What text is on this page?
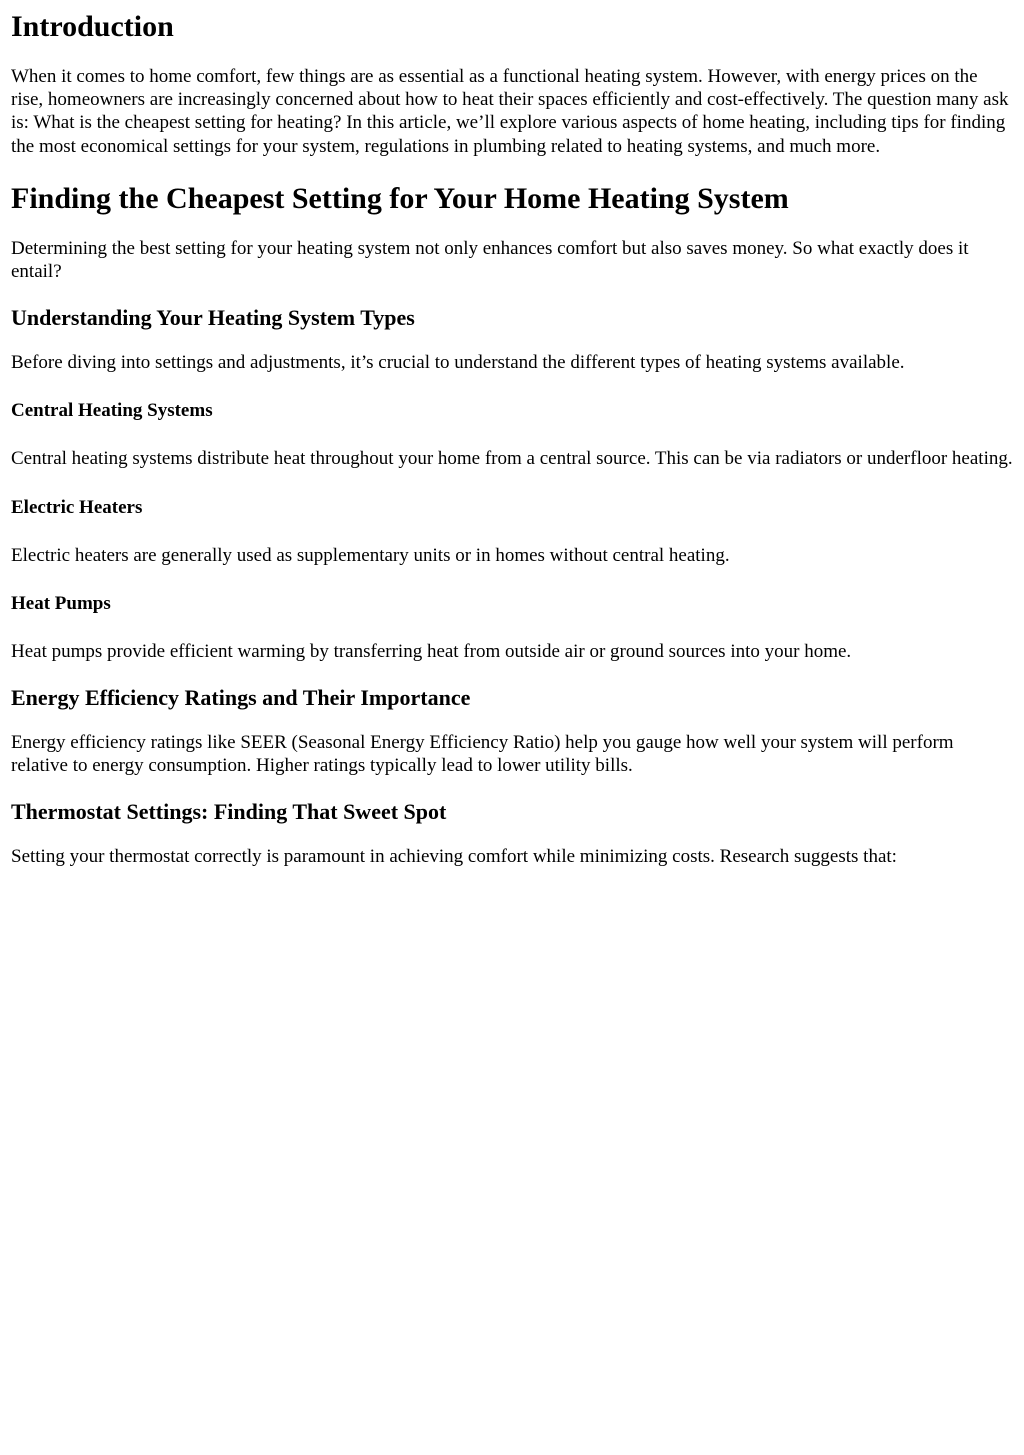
Introduction

When it comes to home comfort, few things are as essential as a functional heating system. However, with energy prices on the rise, homeowners are increasingly concerned about how to heat their spaces efficiently and cost-effectively. The question many ask is: What is the cheapest setting for heating? In this article, we’ll explore various aspects of home heating, including tips for finding the most economical settings for your system, regulations in plumbing related to heating systems, and much more.

Finding the Cheapest Setting for Your Home Heating System

Determining the best setting for your heating system not only enhances comfort but also saves money. So what exactly does it entail?

Understanding Your Heating System Types

Before diving into settings and adjustments, it’s crucial to understand the different types of heating systems available.

Central Heating Systems

Central heating systems distribute heat throughout your home from a central source. This can be via radiators or underfloor heating.

Electric Heaters

Electric heaters are generally used as supplementary units or in homes without central heating.

Heat Pumps

Heat pumps provide efficient warming by transferring heat from outside air or ground sources into your home.

Energy Efficiency Ratings and Their Importance

Energy efficiency ratings like SEER (Seasonal Energy Efficiency Ratio) help you gauge how well your system will perform relative to energy consumption. Higher ratings typically lead to lower utility bills.

Thermostat Settings: Finding That Sweet Spot

Setting your thermostat correctly is paramount in achieving comfort while minimizing costs. Research suggests that:
